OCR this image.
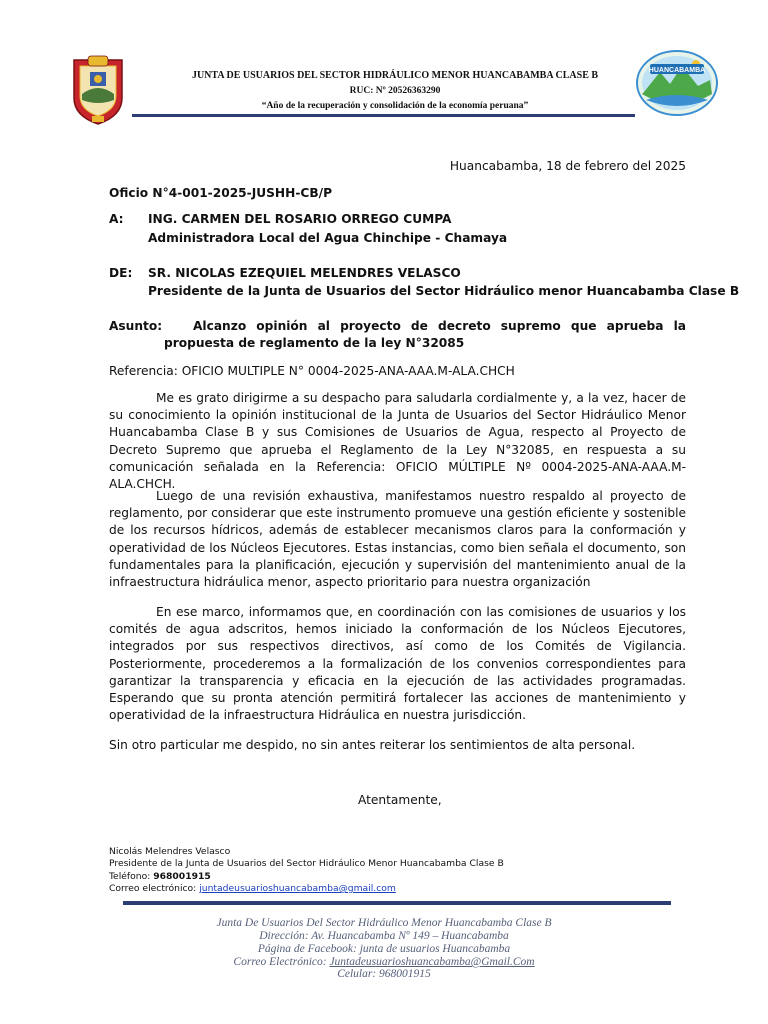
HUANCABAMBA
JUNTA DE USUARIOS DEL SECTOR HIDRÁULICO MENOR HUANCABAMBA CLASE B
RUC: Nº 20526363290
“Año de la recuperación y consolidación de la economía peruana”
Huancabamba, 18 de febrero del 2025
Oficio N°4-001-2025-JUSHH-CB/P
A: ING. CARMEN DEL ROSARIO ORREGO CUMPA
Administradora Local del Agua Chinchipe - Chamaya
DE: SR. NICOLAS EZEQUIEL MELENDRES VELASCO
Presidente de la Junta de Usuarios del Sector Hidráulico menor Huancabamba Clase B
Asunto:	Alcanzo opinión al proyecto de decreto supremo que aprueba la propuesta de reglamento de la ley N°32085
Referencia: OFICIO MULTIPLE N° 0004-2025-ANA-AAA.M-ALA.CHCH

Me es grato dirigirme a su despacho para saludarla cordialmente y, a la vez, hacer de su conocimiento la opinión institucional de la Junta de Usuarios del Sector Hidráulico Menor Huancabamba Clase B y sus Comisiones de Usuarios de Agua, respecto al Proyecto de Decreto Supremo que aprueba el Reglamento de la Ley N°32085, en respuesta a su comunicación señalada en la Referencia: OFICIO MÚLTIPLE Nº 0004-2025-ANA-AAA.M-ALA.CHCH.

Luego de una revisión exhaustiva, manifestamos nuestro respaldo al proyecto de reglamento, por considerar que este instrumento promueve una gestión eficiente y sostenible de los recursos hídricos, además de establecer mecanismos claros para la conformación y operatividad de los Núcleos Ejecutores. Estas instancias, como bien señala el documento, son fundamentales para la planificación, ejecución y supervisión del mantenimiento anual de la infraestructura hidráulica menor, aspecto prioritario para nuestra organización

En ese marco, informamos que, en coordinación con las comisiones de usuarios y los comités de agua adscritos, hemos iniciado la conformación de los Núcleos Ejecutores, integrados por sus respectivos directivos, así como de los Comités de Vigilancia. Posteriormente, procederemos a la formalización de los convenios correspondientes para garantizar la transparencia y eficacia en la ejecución de las actividades programadas. Esperando que su pronta atención permitirá fortalecer las acciones de mantenimiento y operatividad de la infraestructura Hidráulica en nuestra jurisdicción.

Sin otro particular me despido, no sin antes reiterar los sentimientos de alta personal.
Atentamente,
Nicolás Melendres Velasco
Presidente de la Junta de Usuarios del Sector Hidráulico Menor Huancabamba Clase B
Teléfono: 968001915
Correo electrónico: juntadeusuarioshuancabamba@gmail.com
Junta De Usuarios Del Sector Hidráulico Menor Huancabamba Clase B
Dirección: Av. Huancabamba Nº 149 – Huancabamba
Página de Facebook: junta de usuarios Huancabamba
Correo Electrónico: Juntadeusuarioshuancabamba@Gmail.Com
Celular: 968001915
